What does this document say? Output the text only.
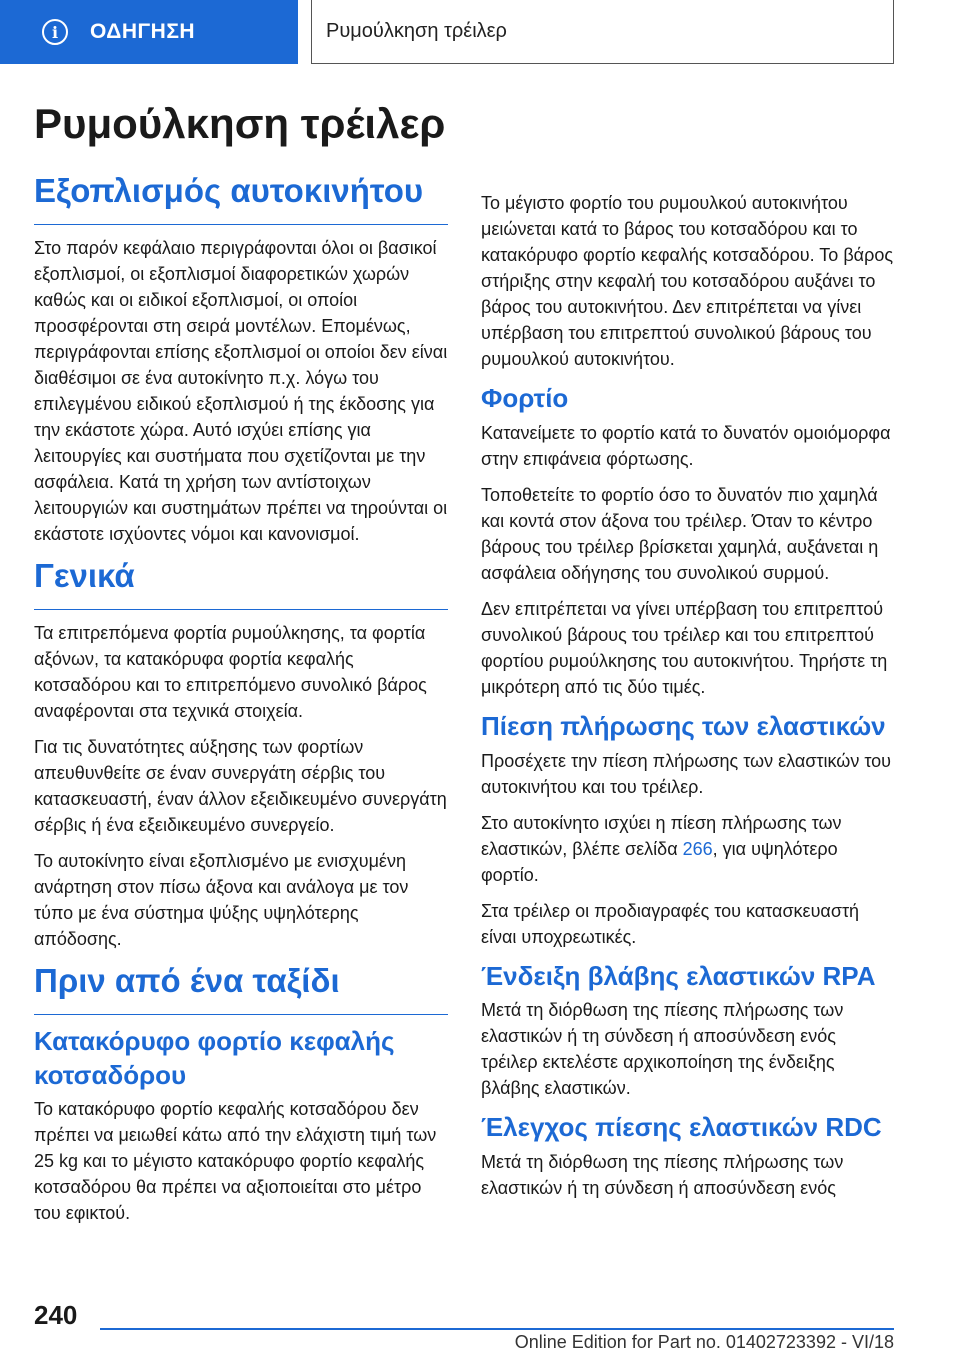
i	ΟΔΗΓΗΣΗ	Ρυμούλκηση τρέιλερ
Ρυμούλκηση τρέιλερ
Εξοπλισμός αυτοκινήτου

Στο παρόν κεφάλαιο περιγράφονται όλοι οι βασικοί εξοπλισμοί, οι εξοπλισμοί διαφορετικών χωρών καθώς και οι ειδικοί εξοπλισμοί, οι οποίοι προσφέρονται στη σειρά μοντέλων. Επομένως, περιγράφονται επίσης εξοπλισμοί οι οποίοι δεν είναι διαθέσιμοι σε ένα αυτοκίνητο π.χ. λόγω του επιλεγμένου ειδικού εξοπλισμού ή της έκδοσης για την εκάστοτε χώρα. Αυτό ισχύει επίσης για λειτουργίες και συστήματα που σχετίζονται με την ασφάλεια. Κατά τη χρήση των αντίστοιχων λειτουργιών και συστημάτων πρέπει να τηρούνται οι εκάστοτε ισχύοντες νόμοι και κανονισμοί.

Γενικά

Τα επιτρεπόμενα φορτία ρυμούλκησης, τα φορτία αξόνων, τα κατακόρυφα φορτία κεφαλής κοτσαδόρου και το επιτρεπόμενο συνολικό βάρος αναφέρονται στα τεχνικά στοιχεία.

Για τις δυνατότητες αύξησης των φορτίων απευθυνθείτε σε έναν συνεργάτη σέρβις του κατασκευαστή, έναν άλλον εξειδικευμένο συνεργάτη σέρβις ή ένα εξειδικευμένο συνεργείο.

Το αυτοκίνητο είναι εξοπλισμένο με ενισχυμένη ανάρτηση στον πίσω άξονα και ανάλογα με τον τύπο με ένα σύστημα ψύξης υψηλότερης απόδοσης.

Πριν από ένα ταξίδι
Κατακόρυφο φορτίο κεφαλής κοτσαδόρου

Το κατακόρυφο φορτίο κεφαλής κοτσαδόρου δεν πρέπει να μειωθεί κάτω από την ελάχιστη τιμή των 25 kg και το μέγιστο κατακόρυφο φορτίο κεφαλής κοτσαδόρου θα πρέπει να αξιοποιείται στο μέτρο του εφικτού.

Το μέγιστο φορτίο του ρυμουλκού αυτοκινήτου μειώνεται κατά το βάρος του κοτσαδόρου και το κατακόρυφο φορτίο κεφαλής κοτσαδόρου. Το βάρος στήριξης στην κεφαλή του κοτσαδόρου αυξάνει το βάρος του αυτοκινήτου. Δεν επιτρέπεται να γίνει υπέρβαση του επιτρεπτού συνολικού βάρους του ρυμουλκού αυτοκινήτου.

Φορτίο

Κατανείμετε το φορτίο κατά το δυνατόν ομοιόμορφα στην επιφάνεια φόρτωσης.

Τοποθετείτε το φορτίο όσο το δυνατόν πιο χαμηλά και κοντά στον άξονα του τρέιλερ. Όταν το κέντρο βάρους του τρέιλερ βρίσκεται χαμηλά, αυξάνεται η ασφάλεια οδήγησης του συνολικού συρμού.

Δεν επιτρέπεται να γίνει υπέρβαση του επιτρεπτού συνολικού βάρους του τρέιλερ και του επιτρεπτού φορτίου ρυμούλκησης του αυτοκινήτου. Τηρήστε τη μικρότερη από τις δύο τιμές.

Πίεση πλήρωσης των ελαστικών

Προσέχετε την πίεση πλήρωσης των ελαστικών του αυτοκινήτου και του τρέιλερ.

Στο αυτοκίνητο ισχύει η πίεση πλήρωσης των ελαστικών, βλέπε σελίδα 266, για υψηλότερο φορτίο.

Στα τρέιλερ οι προδιαγραφές του κατασκευαστή είναι υποχρεωτικές.

Ένδειξη βλάβης ελαστικών RPA

Μετά τη διόρθωση της πίεσης πλήρωσης των ελαστικών ή τη σύνδεση ή αποσύνδεση ενός τρέιλερ εκτελέστε αρχικοποίηση της ένδειξης βλάβης ελαστικών.

Έλεγχος πίεσης ελαστικών RDC

Μετά τη διόρθωση της πίεσης πλήρωσης των ελαστικών ή τη σύνδεση ή αποσύνδεση ενός

240
Online Edition for Part no. 01402723392 - VI/18
